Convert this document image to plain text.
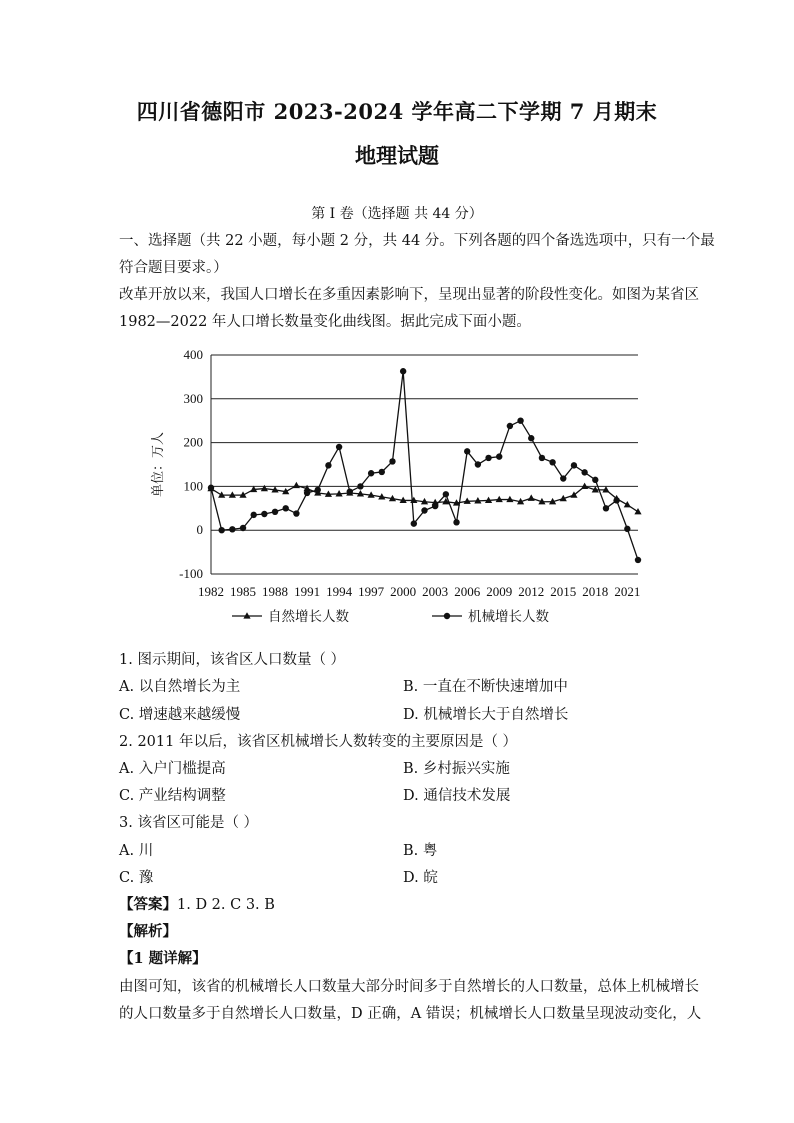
四川省德阳市 2023-2024 学年高二下学期 7 月期末
地理试题
第 I 卷（选择题 共 44 分）
一、选择题（共 22 小题，每小题 2 分，共 44 分。下列各题的四个备选选项中，只有一个最
符合题目要求。）
改革开放以来，我国人口增长在多重因素影响下，呈现出显著的阶段性变化。如图为某省区
1982—2022 年人口增长数量变化曲线图。据此完成下面小题。
400
300
200
100
0
-100
1982 1985 1988 1991 1994 1997 2000 2003 2006 2009 2012 2015 2018 2021
单位：万人
自然增长人数	机械增长人数
1. 图示期间，该省区人口数量（ ）
A. 以自然增长为主	B. 一直在不断快速增加中
C. 增速越来越缓慢	D. 机械增长大于自然增长
2. 2011 年以后，该省区机械增长人数转变的主要原因是（ ）
A. 入户门槛提高	B. 乡村振兴实施
C. 产业结构调整	D. 通信技术发展
3. 该省区可能是（ ）
A. 川	B. 粤
C. 豫	D. 皖
【答案】1. D 2. C 3. B
【解析】
【1 题详解】
由图可知，该省的机械增长人口数量大部分时间多于自然增长的人口数量，总体上机械增长
的人口数量多于自然增长人口数量，D 正确，A 错误；机械增长人口数量呈现波动变化，人
